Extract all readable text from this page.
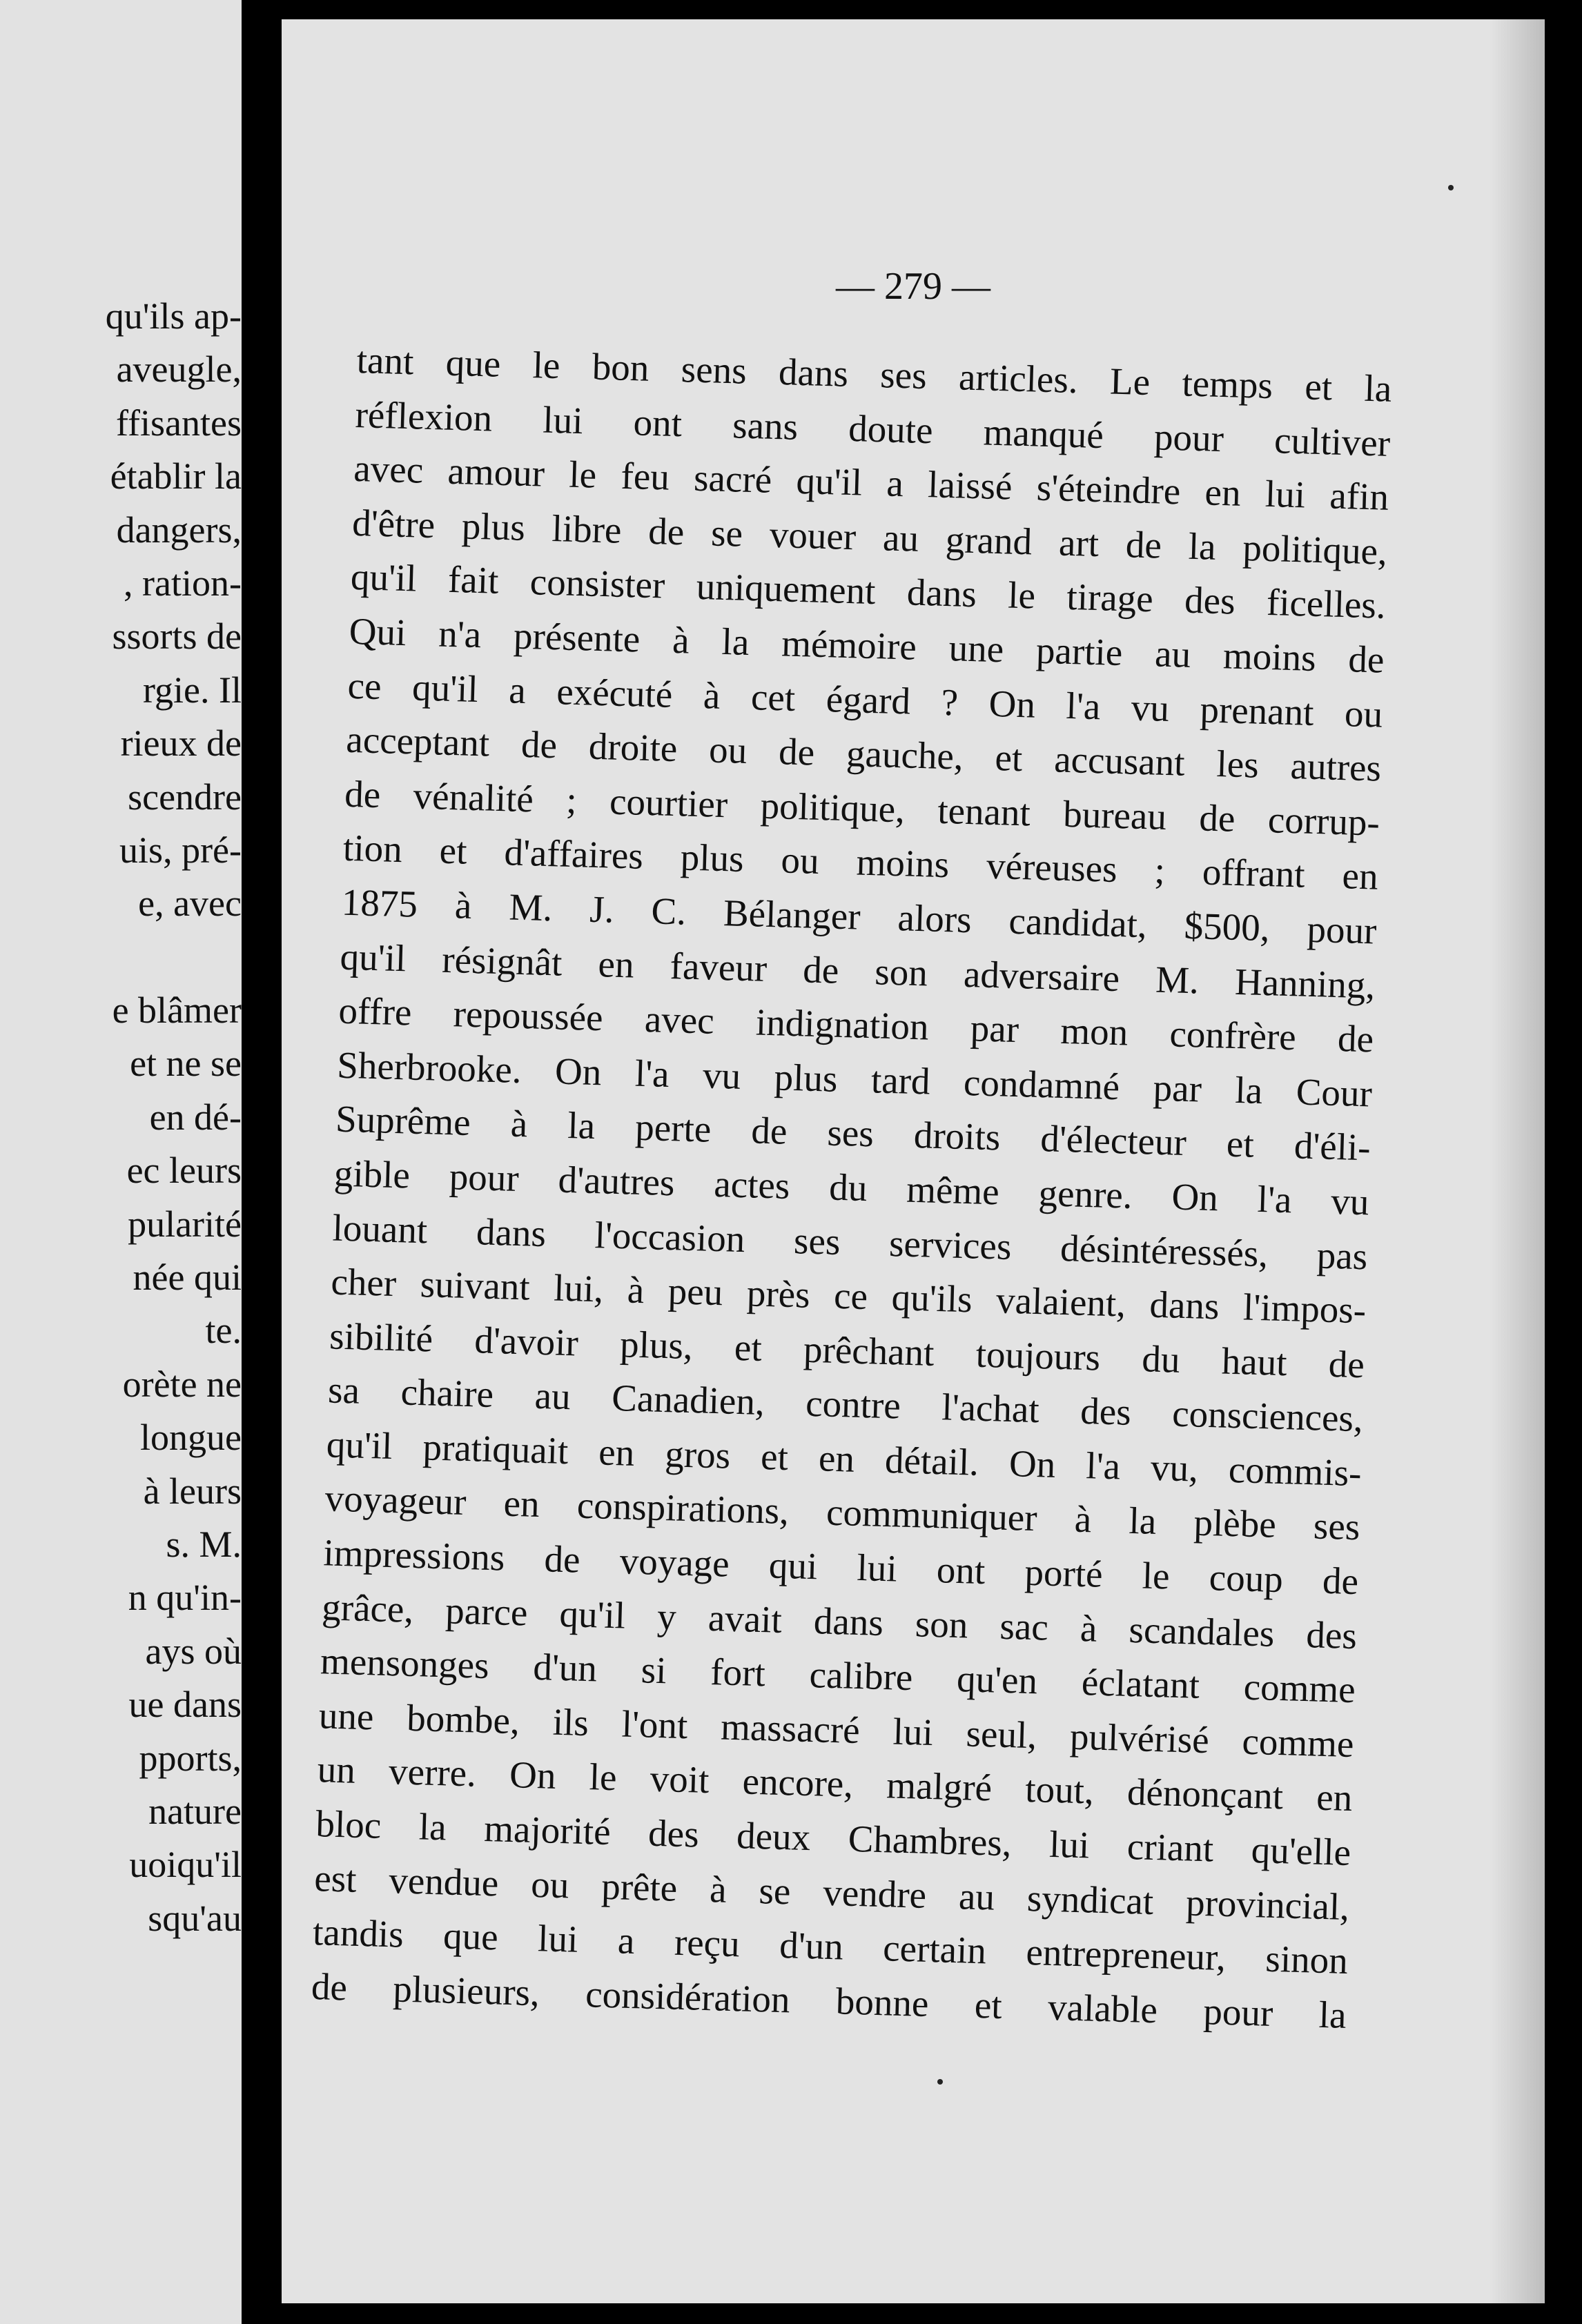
qu'ils ap-
aveugle,
ffisantes
établir la
dangers,
, ration-
ssorts de
rgie. Il
rieux de
scendre
uis, pré-
e, avec
e blâmer
et ne se
en dé-
ec leurs
pularité
née qui
te.
orète ne
longue
à leurs
s. M.
n qu'in-
ays où
ue dans
pports,
nature
uoiqu'il
squ'au
— 279 —
tant que le bon sens dans ses articles. Le temps et la
réflexion lui ont sans doute manqué pour cultiver
avec amour le feu sacré qu'il a laissé s'éteindre en lui afin
d'être plus libre de se vouer au grand art de la politique,
qu'il fait consister uniquement dans le tirage des ficelles.
Qui n'a présente à la mémoire une partie au moins de
ce qu'il a exécuté à cet égard ? On l'a vu prenant ou
acceptant de droite ou de gauche, et accusant les autres
de vénalité ; courtier politique, tenant bureau de corrup-
tion et d'affaires plus ou moins véreuses ; offrant en
1875 à M. J. C. Bélanger alors candidat, $500, pour
qu'il résignât en faveur de son adversaire M. Hanning,
offre repoussée avec indignation par mon confrère de
Sherbrooke. On l'a vu plus tard condamné par la Cour
Suprême à la perte de ses droits d'électeur et d'éli-
gible pour d'autres actes du même genre. On l'a vu
louant dans l'occasion ses services désintéressés, pas
cher suivant lui, à peu près ce qu'ils valaient, dans l'impos-
sibilité d'avoir plus, et prêchant toujours du haut de
sa chaire au Canadien, contre l'achat des consciences,
qu'il pratiquait en gros et en détail. On l'a vu, commis-
voyageur en conspirations, communiquer à la plèbe ses
impressions de voyage qui lui ont porté le coup de
grâce, parce qu'il y avait dans son sac à scandales des
mensonges d'un si fort calibre qu'en éclatant comme
une bombe, ils l'ont massacré lui seul, pulvérisé comme
un verre. On le voit encore, malgré tout, dénonçant en
bloc la majorité des deux Chambres, lui criant qu'elle
est vendue ou prête à se vendre au syndicat provincial,
tandis que lui a reçu d'un certain entrepreneur, sinon
de plusieurs, considération bonne et valable pour la
